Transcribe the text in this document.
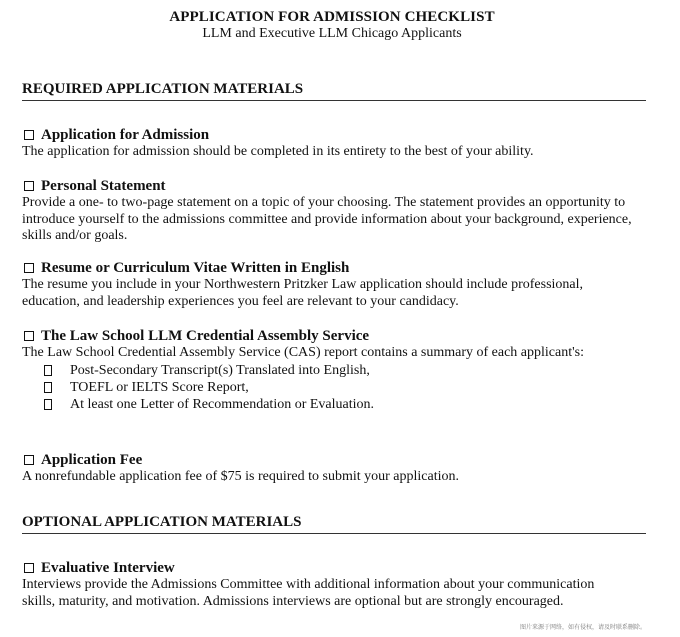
APPLICATION FOR ADMISSION CHECKLIST
LLM and Executive LLM Chicago Applicants
REQUIRED APPLICATION MATERIALS
Application for Admission
The application for admission should be completed in its entirety to the best of your ability.
Personal Statement
Provide a one- to two-page statement on a topic of your choosing. The statement provides an opportunity to introduce yourself to the admissions committee and provide information about your background, experience, skills and/or goals.
Resume or Curriculum Vitae Written in English
The resume you include in your Northwestern Pritzker Law application should include professional, education, and leadership experiences you feel are relevant to your candidacy.
The Law School LLM Credential Assembly Service
The Law School Credential Assembly Service (CAS) report contains a summary of each applicant's:
Post-Secondary Transcript(s) Translated into English,
TOEFL or IELTS Score Report,
At least one Letter of Recommendation or Evaluation.
Application Fee
A nonrefundable application fee of $75 is required to submit your application.
OPTIONAL APPLICATION MATERIALS
Evaluative Interview
Interviews provide the Admissions Committee with additional information about your communication skills, maturity, and motivation. Admissions interviews are optional but are strongly encouraged.
图片来源于网络，如有侵权，请及时联系删除。
